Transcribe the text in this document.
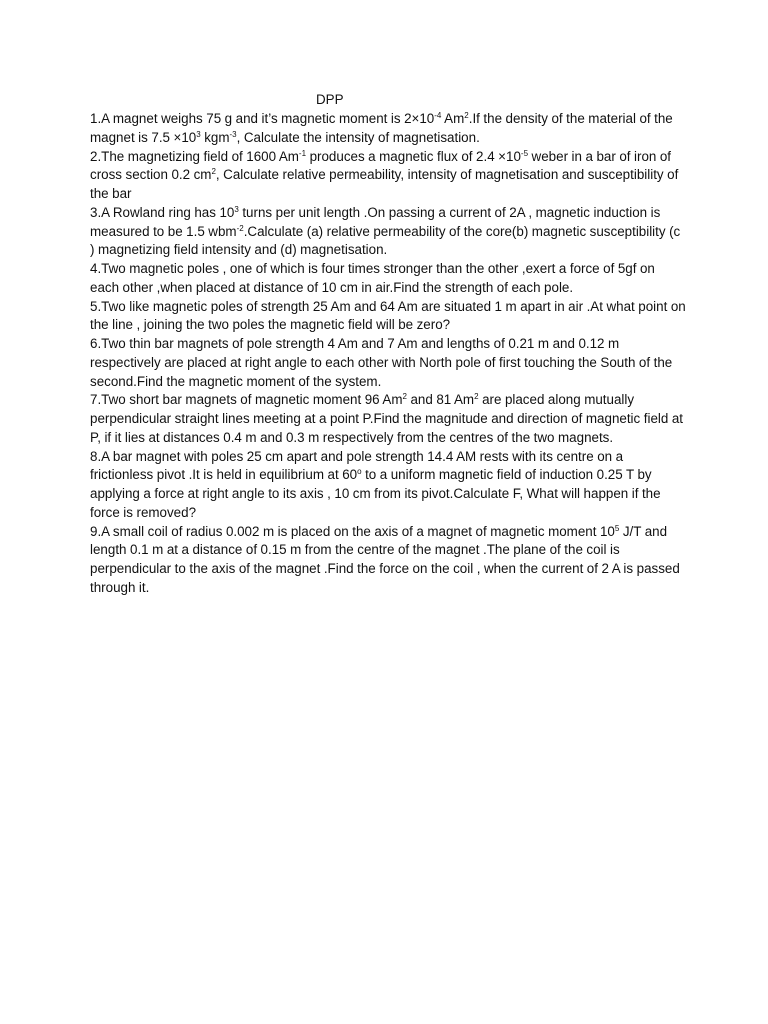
DPP

1.A magnet weighs 75 g and it’s magnetic moment is $2\times 10^{-4}$ Am$^2$.If the density of the material of the magnet is $7.5 \times 10^3$ kgm$^{-3}$, Calculate the intensity of magnetisation.

2.The magnetizing field of 1600 $Am^{-1}$ produces a magnetic flux of $2.4 \times 10^{-5}$ weber in a bar of iron of cross section 0.2 $cm^2$, Calculate relative permeability, intensity of magnetisation and susceptibility of the bar

3.A Rowland ring has $10^3$ turns per unit length .On passing a current of 2A , magnetic induction is measured to be 1.5 wbm$^{-2}$.Calculate (a) relative permeability of the core(b) magnetic susceptibility (c ) magnetizing field intensity and (d) magnetisation.

4.Two magnetic poles , one of which is four times stronger than the other ,exert a force of 5gf on each other ,when placed at distance of 10 cm in air.Find the strength of each pole.

5.Two like magnetic poles of strength 25 Am and 64 Am are situated 1 m apart in air .At what point on the line , joining the two poles the magnetic field will be zero?

6.Two thin bar magnets of pole strength 4 Am and 7 Am and lengths of 0.21 m and 0.12 m respectively are placed at right angle to each other with North pole of first touching the South of the second.Find the magnetic moment of the system.

7.Two short bar magnets of magnetic moment 96 Am$^2$ and 81 Am$^2$ are placed along mutually perpendicular straight lines meeting at a point P.Find the magnitude and direction of magnetic field at P, if it lies at distances 0.4 m and 0.3 m respectively from the centres of the two magnets.

8.A bar magnet with poles 25 cm apart and pole strength 14.4 AM rests with its centre on a frictionless pivot .It is held in equilibrium at 60$^o$ to a uniform magnetic field of induction 0.25 T by applying a force at right angle to its axis , 10 cm from its pivot.Calculate F, What will happen if the force is removed?

9.A small coil of radius 0.002 m is placed on the axis of a magnet of magnetic moment $10^5$ J/T and length 0.1 m at a distance of 0.15 m from the centre of the magnet .The plane of the coil is perpendicular to the axis of the magnet .Find the force on the coil , when the current of 2 A is passed through it.
